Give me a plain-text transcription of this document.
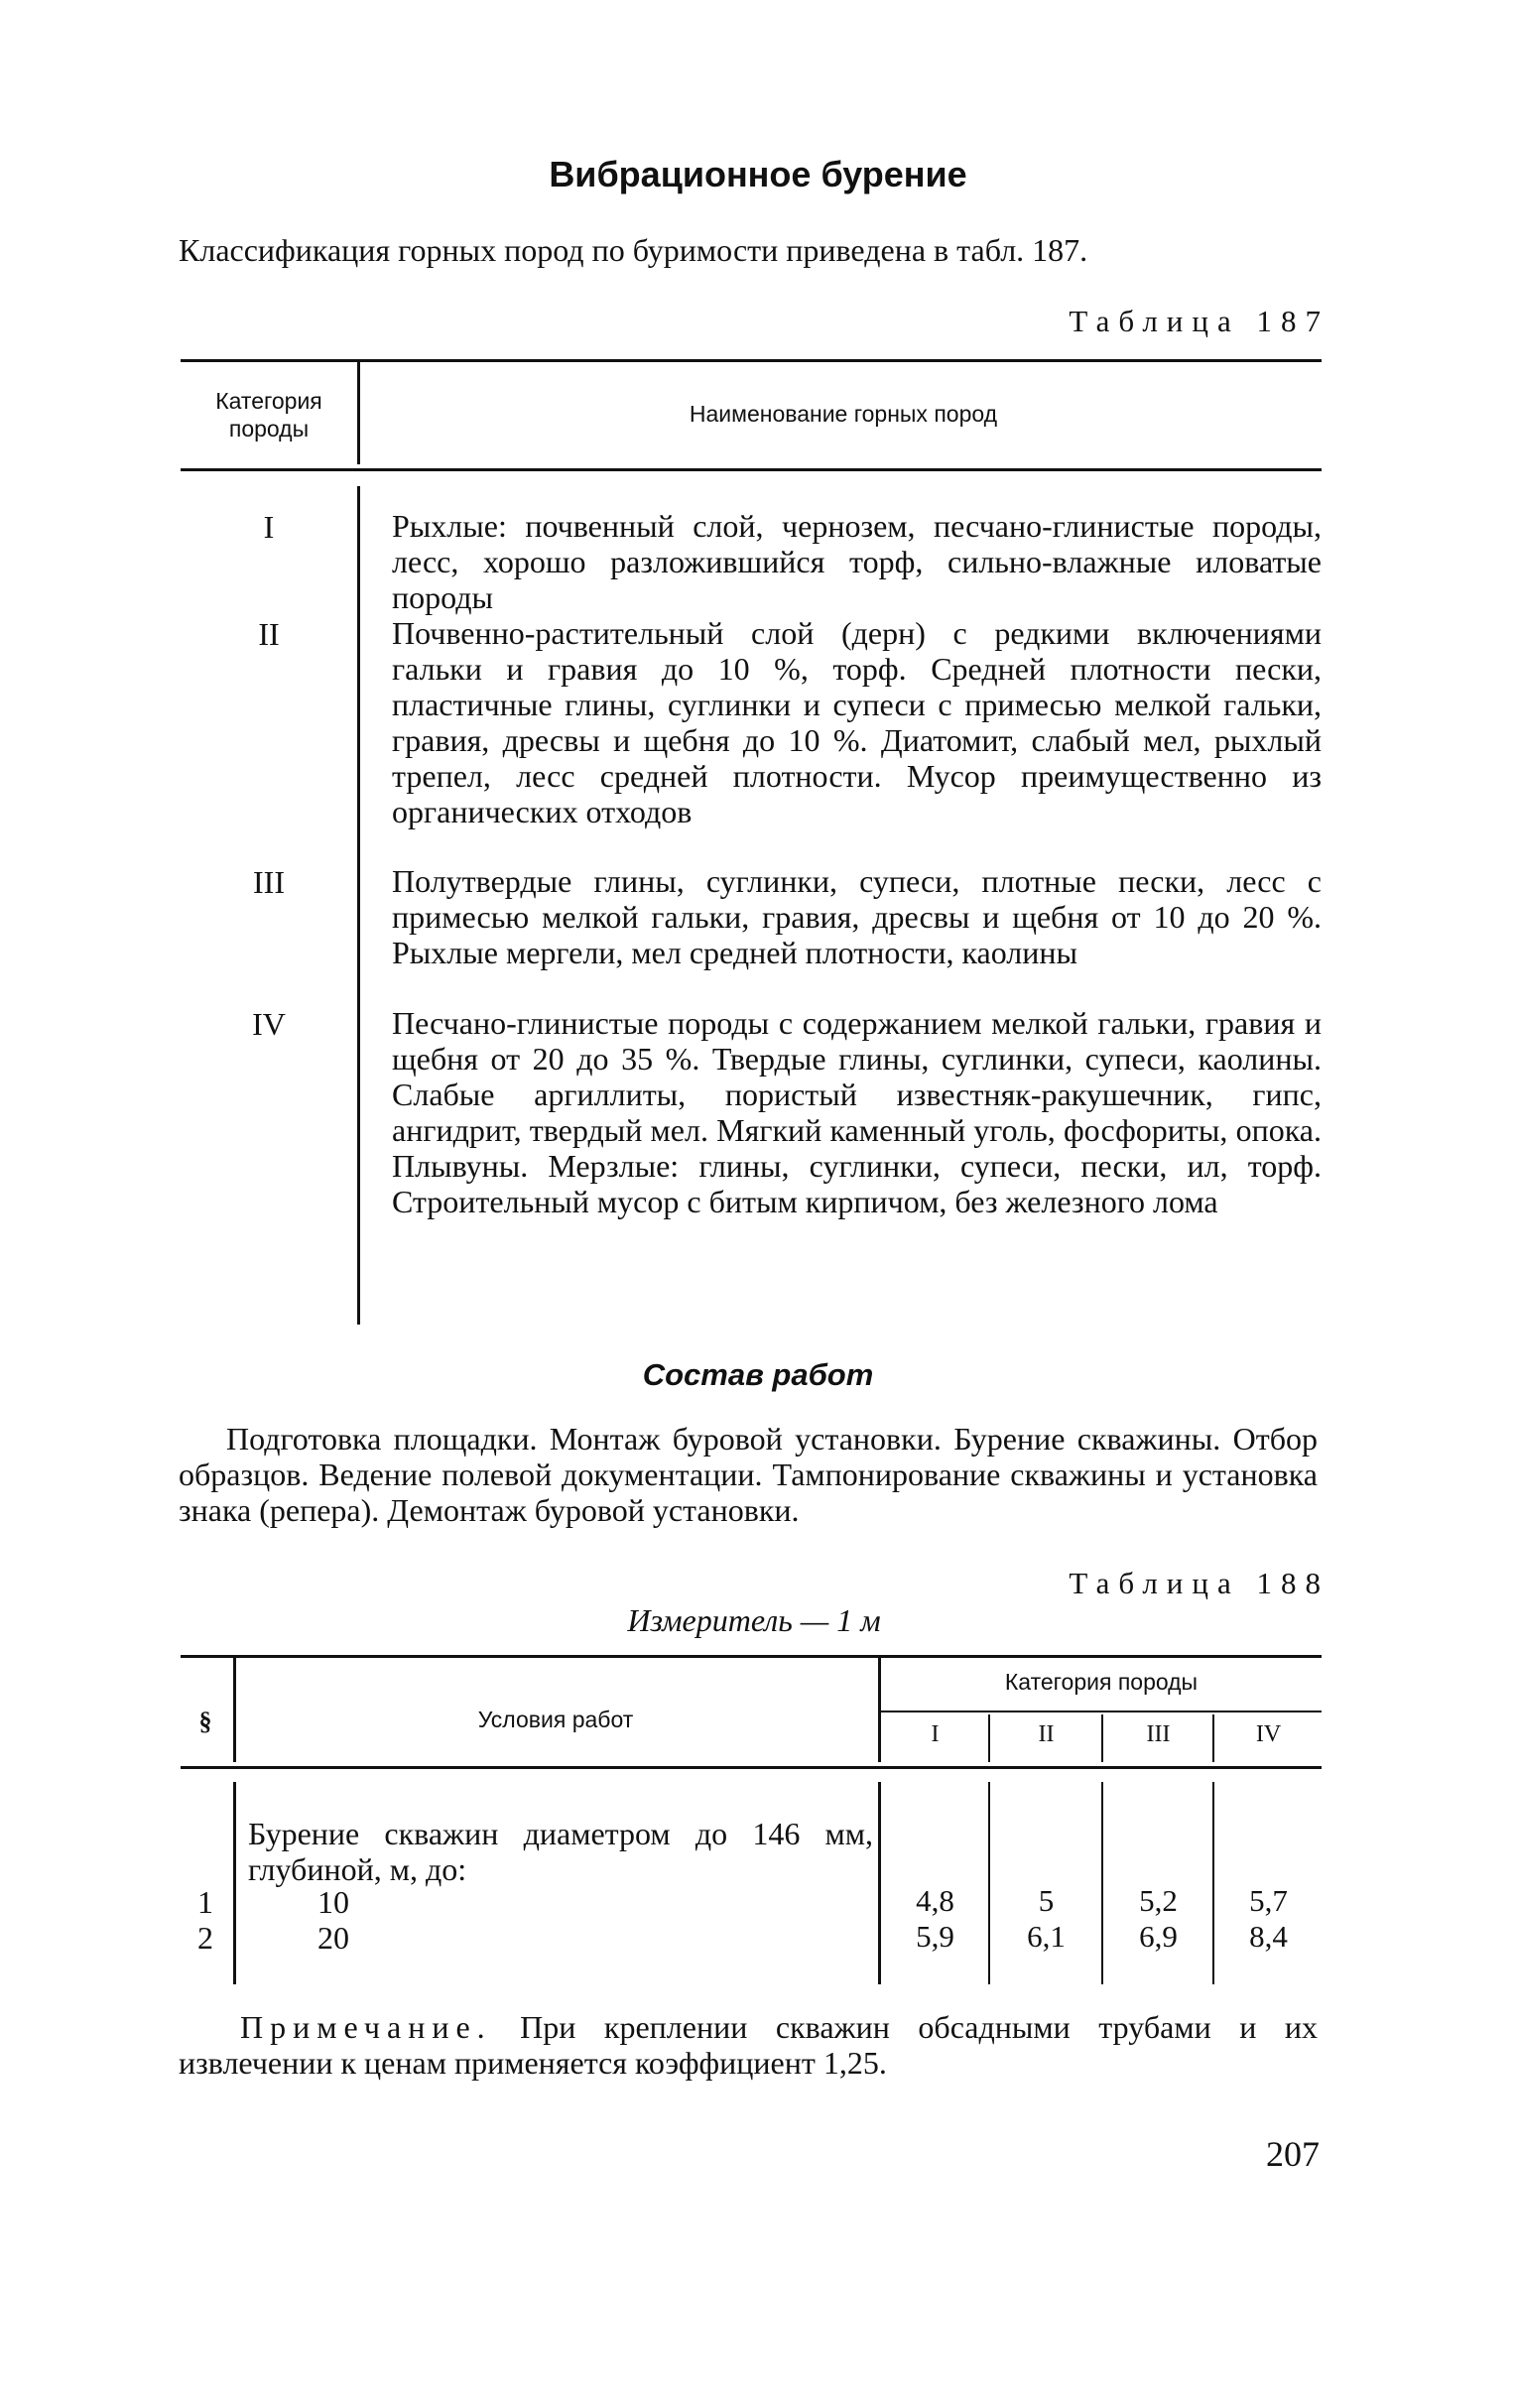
Вибрационное бурение
Классификация горных пород по буримости приведена в табл. 187.
Таблица 187
Категория породы
Наименование горных пород
I	Рыхлые: почвенный слой, чернозем, песчано-глинистые породы, лесс, хорошо разложившийся торф, сильно-влажные иловатые породы
II	Почвенно-растительный слой (дерн) с редкими включениями гальки и гравия до 10 %, торф. Средней плотности пески, пластичные глины, суглинки и супеси с примесью мелкой гальки, гравия, дресвы и щебня до 10 %. Диатомит, слабый мел, рыхлый трепел, лесс средней плотности. Мусор преимущественно из органических отходов
III	Полутвердые глины, суглинки, супеси, плотные пески, лесс с примесью мелкой гальки, гравия, дресвы и щебня от 10 до 20 %. Рыхлые мергели, мел средней плотности, каолины
IV	Песчано-глинистые породы с содержанием мелкой гальки, гравия и щебня от 20 до 35 %. Твердые глины, суглинки, супеси, каолины. Слабые аргиллиты, пористый известняк-ракушечник, гипс, ангидрит, твердый мел. Мягкий каменный уголь, фосфориты, опока. Плывуны. Мерзлые: глины, суглинки, супеси, пески, ил, торф. Строительный мусор с битым кирпичом, без железного лома
Состав работ
Подготовка площадки. Монтаж буровой установки. Бурение скважины. Отбор образцов. Ведение полевой документации. Тампонирование скважины и установка знака (репера). Демонтаж буровой установки.
Таблица 188
Измеритель — 1 м
§	Условия работ
Категория породы
I	II	III	IV
Бурение скважин диаметром до 146 мм, глубиной, м, до:
1	10	4,8	5	5,2	5,7
2	20	5,9	6,1	6,9	8,4
Примечание. При креплении скважин обсадными трубами и их извлечении к ценам применяется коэффициент 1,25.
207
